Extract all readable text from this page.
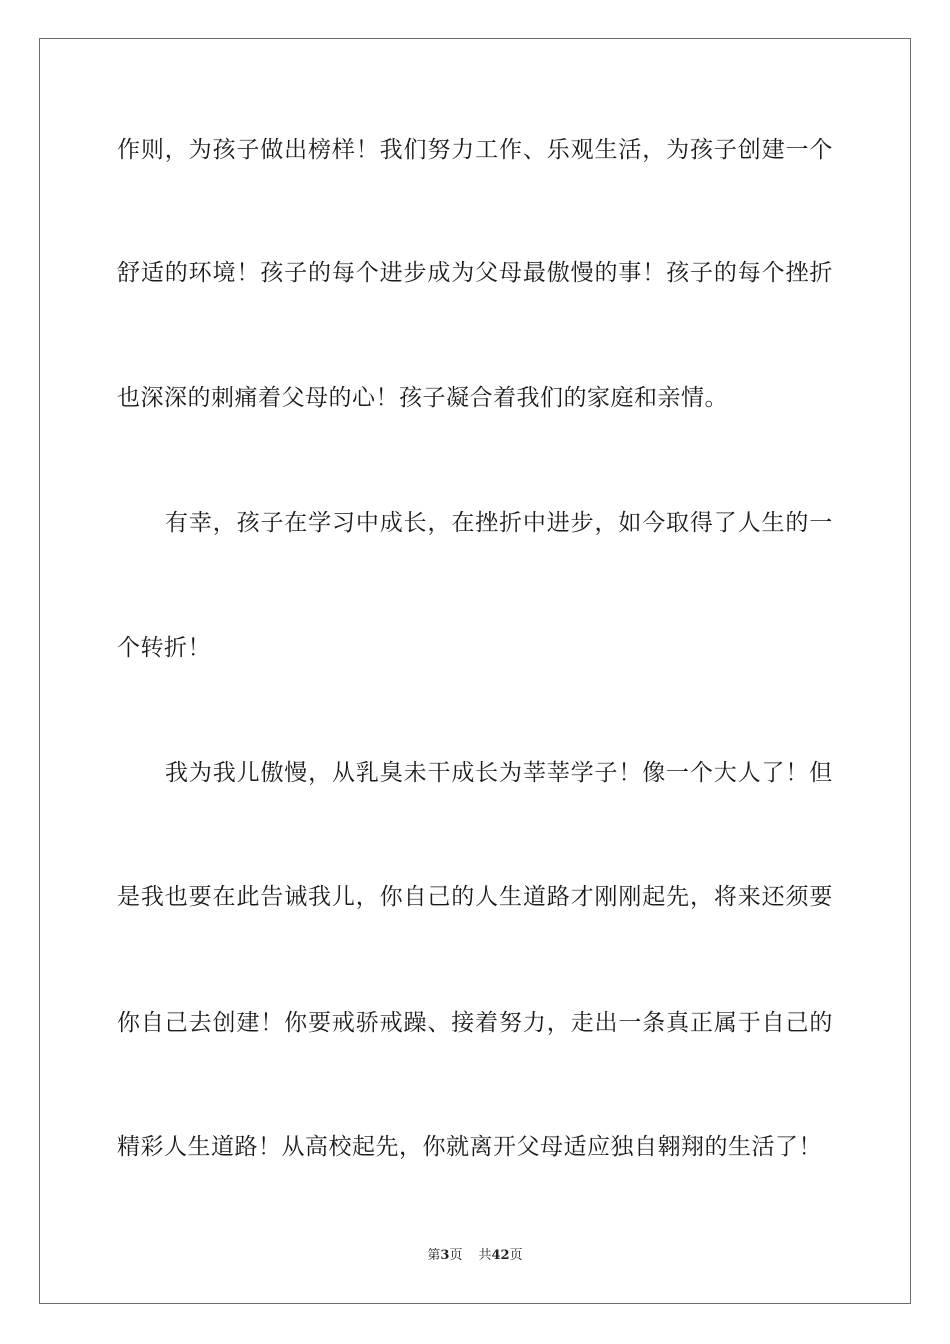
作 则 ， 为 孩 子 做 出 榜 样 ！ 我 们 努 力 工 作 、 乐 观 生 活 ， 为 孩 子 创 建 一 个
舒 适 的 环 境 ！ 孩 子 的 每 个 进 步 成 为 父 母 最 傲 慢 的 事 ！ 孩 子 的 每 个 挫 折
也深深的刺痛着父母的心！孩子凝合着我们的家庭和亲情。
有 幸 ， 孩 子 在 学 习 中 成 长 ， 在 挫 折 中 进 步 ， 如 今 取 得 了 人 生 的 一
个转折！
我 为 我 儿 傲 慢 ， 从 乳 臭 未 干 成 长 为 莘 莘 学 子 ！ 像 一 个 大 人 了 ！ 但
是 我 也 要 在 此 告 诫 我 儿 ， 你 自 己 的 人 生 道 路 才 刚 刚 起 先 ， 将 来 还 须 要
你 自 己 去 创 建 ！ 你 要 戒 骄 戒 躁 、 接 着 努 力 ， 走 出 一 条 真 正 属 于 自 己 的
精彩人生道路！从高校起先，你就离开父母适应独自翱翔的生活了！
第3页 共42页
